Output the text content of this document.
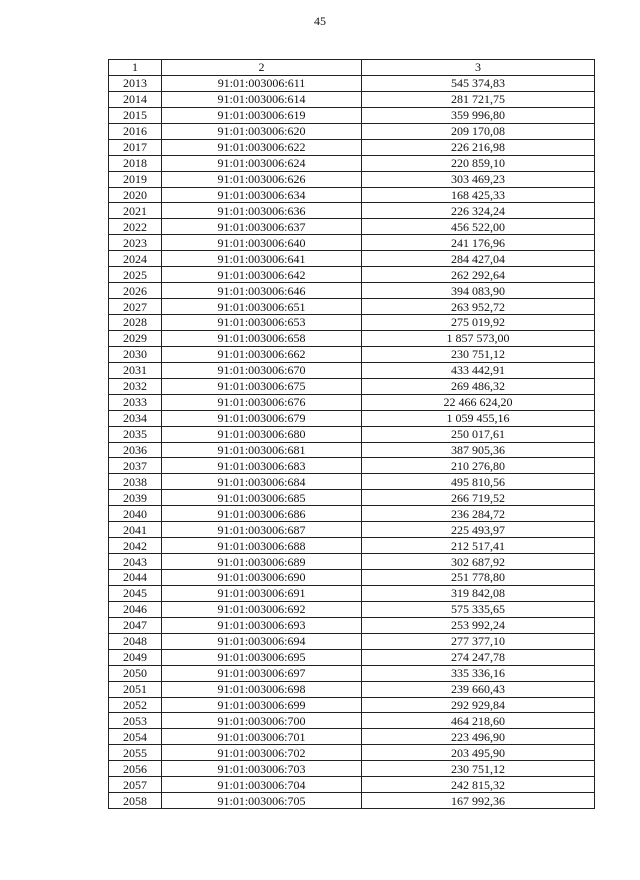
45
1	2	3
2013	91:01:003006:611	545 374,83
2014	91:01:003006:614	281 721,75
2015	91:01:003006:619	359 996,80
2016	91:01:003006:620	209 170,08
2017	91:01:003006:622	226 216,98
2018	91:01:003006:624	220 859,10
2019	91:01:003006:626	303 469,23
2020	91:01:003006:634	168 425,33
2021	91:01:003006:636	226 324,24
2022	91:01:003006:637	456 522,00
2023	91:01:003006:640	241 176,96
2024	91:01:003006:641	284 427,04
2025	91:01:003006:642	262 292,64
2026	91:01:003006:646	394 083,90
2027	91:01:003006:651	263 952,72
2028	91:01:003006:653	275 019,92
2029	91:01:003006:658	1 857 573,00
2030	91:01:003006:662	230 751,12
2031	91:01:003006:670	433 442,91
2032	91:01:003006:675	269 486,32
2033	91:01:003006:676	22 466 624,20
2034	91:01:003006:679	1 059 455,16
2035	91:01:003006:680	250 017,61
2036	91:01:003006:681	387 905,36
2037	91:01:003006:683	210 276,80
2038	91:01:003006:684	495 810,56
2039	91:01:003006:685	266 719,52
2040	91:01:003006:686	236 284,72
2041	91:01:003006:687	225 493,97
2042	91:01:003006:688	212 517,41
2043	91:01:003006:689	302 687,92
2044	91:01:003006:690	251 778,80
2045	91:01:003006:691	319 842,08
2046	91:01:003006:692	575 335,65
2047	91:01:003006:693	253 992,24
2048	91:01:003006:694	277 377,10
2049	91:01:003006:695	274 247,78
2050	91:01:003006:697	335 336,16
2051	91:01:003006:698	239 660,43
2052	91:01:003006:699	292 929,84
2053	91:01:003006:700	464 218,60
2054	91:01:003006:701	223 496,90
2055	91:01:003006:702	203 495,90
2056	91:01:003006:703	230 751,12
2057	91:01:003006:704	242 815,32
2058	91:01:003006:705	167 992,36
